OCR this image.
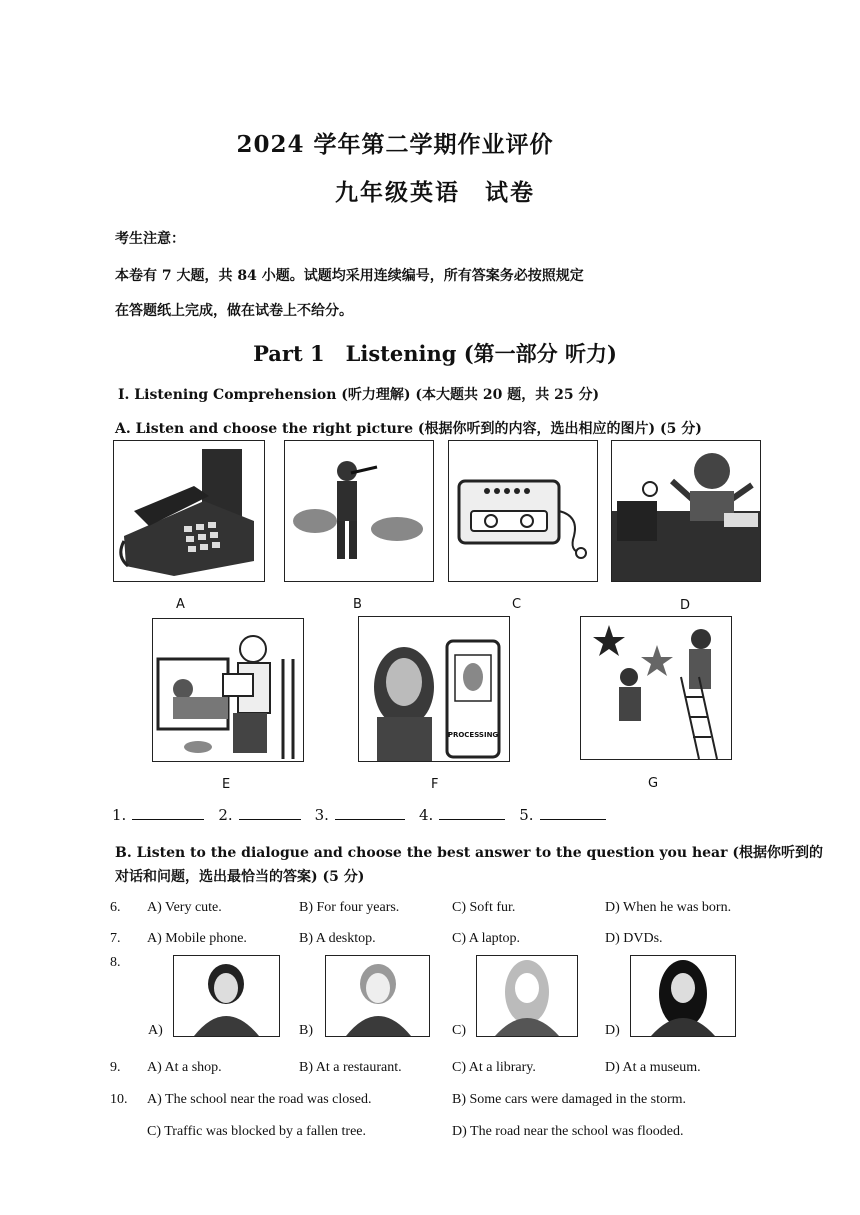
2024 学年第二学期作业评价
九年级英语　试卷
考生注意：
本卷有 7 大题，共 84 小题。试题均采用连续编号，所有答案务必按照规定
在答题纸上完成，做在试卷上不给分。
Part 1　Listening (第一部分 听力)
I. Listening Comprehension (听力理解) (本大题共 20 题，共 25 分)
A. Listen and choose the right picture (根据你听到的内容，选出相应的图片) (5 分)
A	B	C	D
E
PROCESSING
F	G
1.	2.	3.	4.	5.
B. Listen to the dialogue and choose the best answer to the question you hear (根据你听到的
对话和问题，选出最恰当的答案) (5 分)
6. A) Very cute.	B) For four years.	C) Soft fur.	D) When he was born.
7. A) Mobile phone.	B) A desktop.	C) A laptop.	D) DVDs.
8.
A)	B)	C)	D)
9. A) At a shop.	B) At a restaurant.	C) At a library.	D) At a museum.
10. A) The school near the road was closed.	B) Some cars were damaged in the storm.
C) Traffic was blocked by a fallen tree.	D) The road near the school was flooded.
